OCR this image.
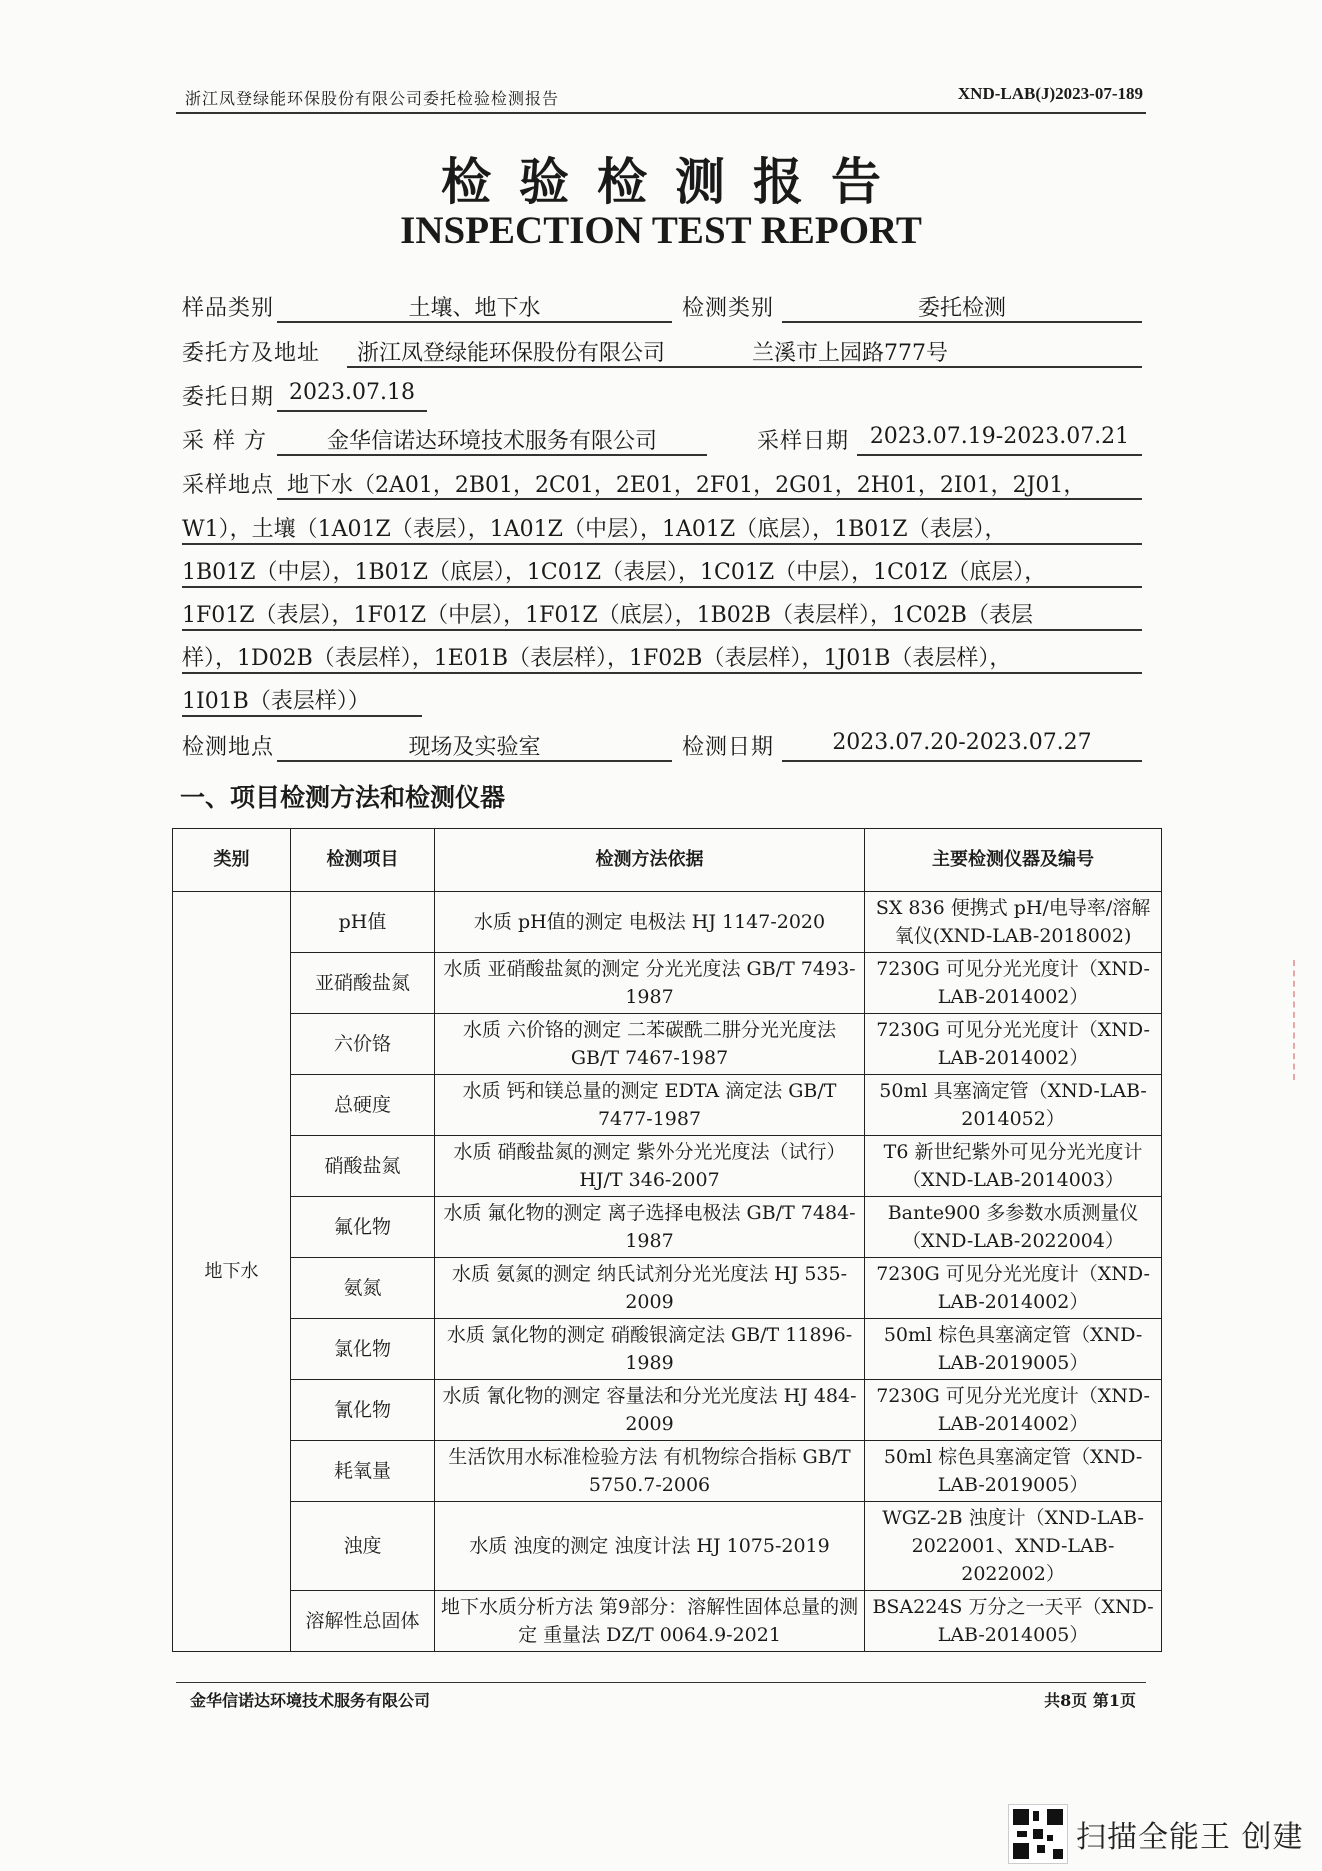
浙江凤登绿能环保股份有限公司委托检验检测报告	XND-LAB(J)2023-07-189
检验检测报告
INSPECTION TEST REPORT
样品类别	土壤、地下水	检测类别	委托检测
委托方及地址 浙江凤登绿能环保股份有限公司	兰溪市上园路777号
委托日期 2023.07.18
采 样 方	金华信诺达环境技术服务有限公司	采样日期 2023.07.19-2023.07.21
采样地点 地下水（2A01，2B01，2C01，2E01，2F01，2G01，2H01，2I01，2J01，
W1），土壤（1A01Z（表层），1A01Z（中层），1A01Z（底层），1B01Z（表层），
1B01Z（中层），1B01Z（底层），1C01Z（表层），1C01Z（中层），1C01Z（底层），
1F01Z（表层），1F01Z（中层），1F01Z（底层），1B02B（表层样），1C02B（表层
样），1D02B（表层样），1E01B（表层样），1F02B（表层样），1J01B（表层样），
1I01B（表层样））
检测地点	现场及实验室	检测日期	2023.07.20-2023.07.27
一、项目检测方法和检测仪器
类别	检测项目	检测方法依据	主要检测仪器及编号
地下水	pH值	水质 pH值的测定 电极法 HJ 1147-2020	SX 836 便携式 pH/电导率/溶解氧仪(XND-LAB-2018002)
	亚硝酸盐氮	水质 亚硝酸盐氮的测定 分光光度法 GB/T 7493-1987	7230G 可见分光光度计（XND-LAB-2014002）
	六价铬	水质 六价铬的测定 二苯碳酰二肼分光光度法 GB/T 7467-1987	7230G 可见分光光度计（XND-LAB-2014002）
	总硬度	水质 钙和镁总量的测定 EDTA 滴定法 GB/T 7477-1987	50ml 具塞滴定管（XND-LAB-2014052）
	硝酸盐氮	水质 硝酸盐氮的测定 紫外分光光度法（试行）HJ/T 346-2007	T6 新世纪紫外可见分光光度计（XND-LAB-2014003）
	氟化物	水质 氟化物的测定 离子选择电极法 GB/T 7484-1987	Bante900 多参数水质测量仪（XND-LAB-2022004）
	氨氮	水质 氨氮的测定 纳氏试剂分光光度法 HJ 535-2009	7230G 可见分光光度计（XND-LAB-2014002）
	氯化物	水质 氯化物的测定 硝酸银滴定法 GB/T 11896-1989	50ml 棕色具塞滴定管（XND-LAB-2019005）
	氰化物	水质 氰化物的测定 容量法和分光光度法 HJ 484-2009	7230G 可见分光光度计（XND-LAB-2014002）
	耗氧量	生活饮用水标准检验方法 有机物综合指标 GB/T 5750.7-2006	50ml 棕色具塞滴定管（XND-LAB-2019005）
	浊度	水质 浊度的测定 浊度计法 HJ 1075-2019	WGZ-2B 浊度计（XND-LAB-2022001、XND-LAB-2022002）
	溶解性总固体	地下水质分析方法 第9部分：溶解性固体总量的测定 重量法 DZ/T 0064.9-2021	BSA224S 万分之一天平（XND-LAB-2014005）
金华信诺达环境技术服务有限公司	共8页 第1页
扫描全能王 创建
